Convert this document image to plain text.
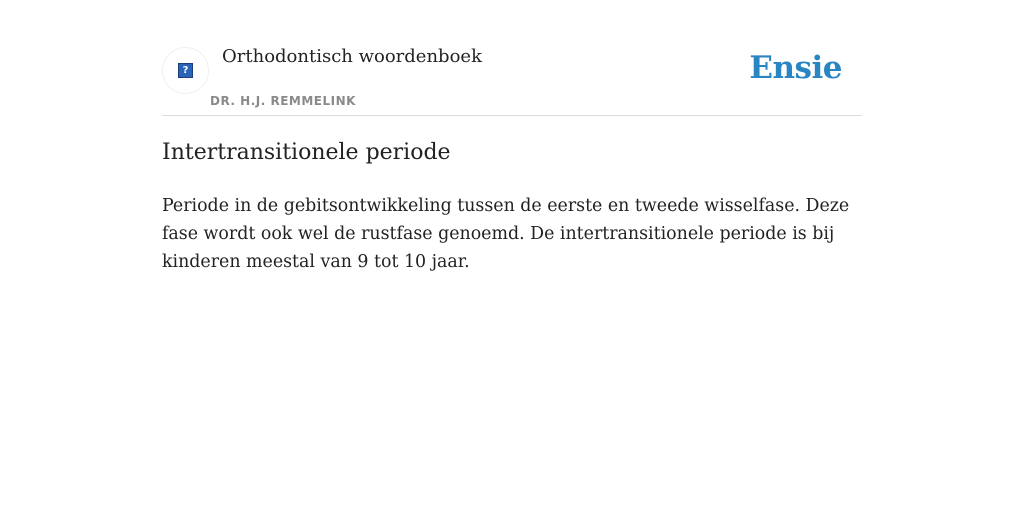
?
Orthodontisch woordenboek
DR. H.J. REMMELINK
Ensie
Intertransitionele periode

Periode in de gebitsontwikkeling tussen de eerste en tweede wisselfase. Deze fase wordt ook wel de rustfase genoemd. De intertransitionele periode is bij kinderen meestal van 9 tot 10 jaar.
